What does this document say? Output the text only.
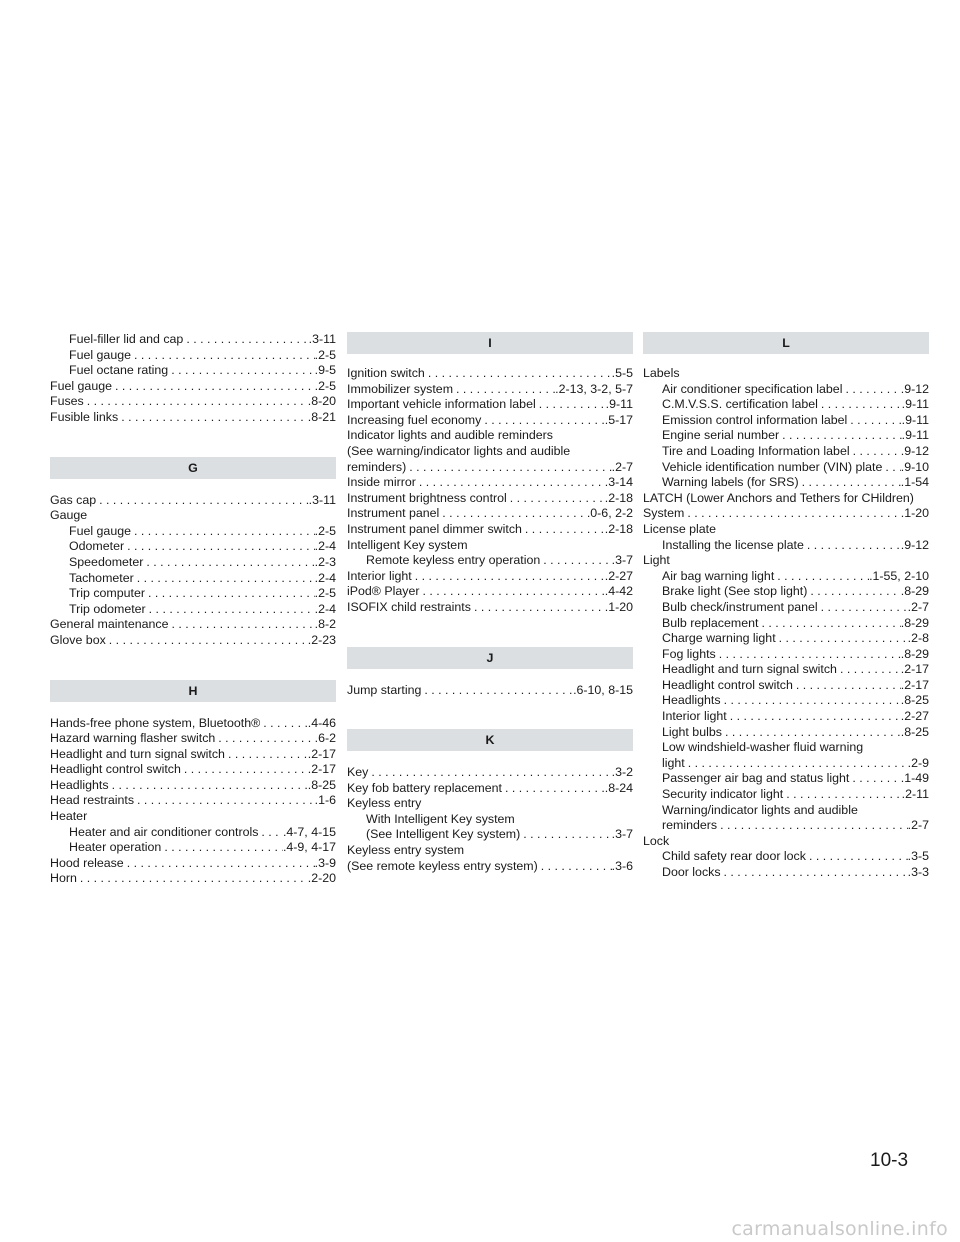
Fuel-filler lid and cap . . .	.3-11
Fuel gauge . . .	.2-5
Fuel octane rating . . .	.9-5
Fuel gauge . . .	.2-5
Fuses . . .	.8-20
Fusible links . . .	.8-21
G
Gas cap . . .	.3-11
Gauge
Fuel gauge . . .	.2-5
Odometer . . .	.2-4
Speedometer . . .	.2-3
Tachometer . . .	.2-4
Trip computer . . .	.2-5
Trip odometer . . .	.2-4
General maintenance . . .	.8-2
Glove box . . .	.2-23
H
Hands-free phone system, Bluetooth® . . .	.4-46
Hazard warning flasher switch . . .	.6-2
Headlight and turn signal switch . . .	.2-17
Headlight control switch . . .	.2-17
Headlights . . .	.8-25
Head restraints . . .	.1-6
Heater
Heater and air conditioner controls . . . .4-7, 4-15
Heater operation . . .	.4-9, 4-17
Hood release . . .	.3-9
Horn . . .	.2-20
I
Ignition switch . . .	.5-5
Immobilizer system . . .	.2-13, 3-2, 5-7
Important vehicle information label . . .	.9-11
Increasing fuel economy . . .	.5-17
Indicator lights and audible reminders
(See warning/indicator lights and audible
reminders) . . .	.2-7
Inside mirror . . .	.3-14
Instrument brightness control . . .	.2-18
Instrument panel . . .	.0-6, 2-2
Instrument panel dimmer switch . . .	.2-18
Intelligent Key system
Remote keyless entry operation . . .	.3-7
Interior light . . .	.2-27
iPod® Player . . .	.4-42
ISOFIX child restraints . . .	.1-20
J
Jump starting . . .	.6-10, 8-15
K
Key . . .	.3-2
Key fob battery replacement . . .	.8-24
Keyless entry
With Intelligent Key system
(See Intelligent Key system) . . .	.3-7
Keyless entry system
(See remote keyless entry system) . . .	.3-6
L
Labels
Air conditioner specification label . . .	.9-12
C.M.V.S.S. certification label . . .	.9-11
Emission control information label . . .	.9-11
Engine serial number . . .	.9-11
Tire and Loading Information label . . .	.9-12
Vehicle identification number (VIN) plate . . . .9-10
Warning labels (for SRS) . . .	.1-54
LATCH (Lower Anchors and Tethers for CHildren)
System . . .	.1-20
License plate
Installing the license plate . . .	.9-12
Light
Air bag warning light . . .	.1-55, 2-10
Brake light (See stop light) . . .	.8-29
Bulb check/instrument panel . . .	.2-7
Bulb replacement . . .	.8-29
Charge warning light . . .	.2-8
Fog lights . . .	.8-29
Headlight and turn signal switch . . .	.2-17
Headlight control switch . . .	.2-17
Headlights . . .	.8-25
Interior light . . .	.2-27
Light bulbs . . .	.8-25
Low windshield-washer fluid warning
light . . .	.2-9
Passenger air bag and status light . . .	.1-49
Security indicator light . . .	.2-11
Warning/indicator lights and audible
reminders . . .	.2-7
Lock
Child safety rear door lock . . .	.3-5
Door locks . . .	.3-3
10-3
carmanualsonline.info
